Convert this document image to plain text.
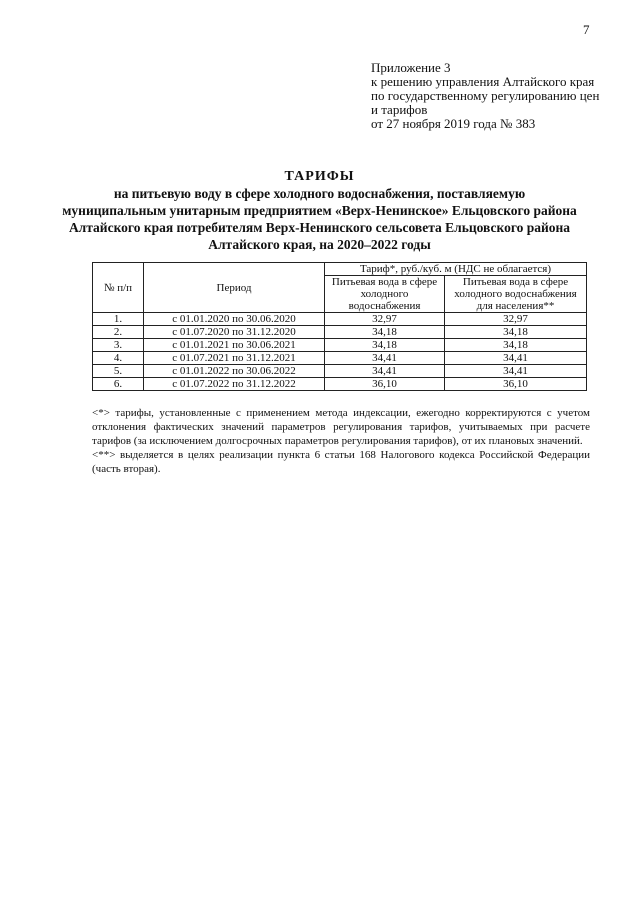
7
Приложение 3
к решению управления Алтайского края
по государственному регулированию цен
и тарифов
от 27 ноября 2019 года № 383
ТАРИФЫ
на питьевую воду в сфере холодного водоснабжения, поставляемую
муниципальным унитарным предприятием «Верх-Ненинское» Ельцовского района
Алтайского края потребителям Верх-Ненинского сельсовета Ельцовского района
Алтайского края, на 2020–2022 годы
№ п/п	Период	Тариф*, руб./куб. м (НДС не облагается)	
		Питьевая вода в сфере холодного водоснабжения	Питьевая вода в сфере холодного водоснабжения для населения**
1.	с 01.01.2020 по 30.06.2020	32,97	32,97
2.	с 01.07.2020 по 31.12.2020	34,18	34,18
3.	с 01.01.2021 по 30.06.2021	34,18	34,18
4.	с 01.07.2021 по 31.12.2021	34,41	34,41
5.	с 01.01.2022 по 30.06.2022	34,41	34,41
6.	с 01.07.2022 по 31.12.2022	36,10	36,10

<*> тарифы, установленные с применением метода индексации, ежегодно корректируются с учетом отклонения фактических значений параметров регулирования тарифов, учитываемых при расчете тарифов (за исключением долгосрочных параметров регулирования тарифов), от их плановых значений.

<**> выделяется в целях реализации пункта 6 статьи 168 Налогового кодекса Российской Федерации (часть вторая).
